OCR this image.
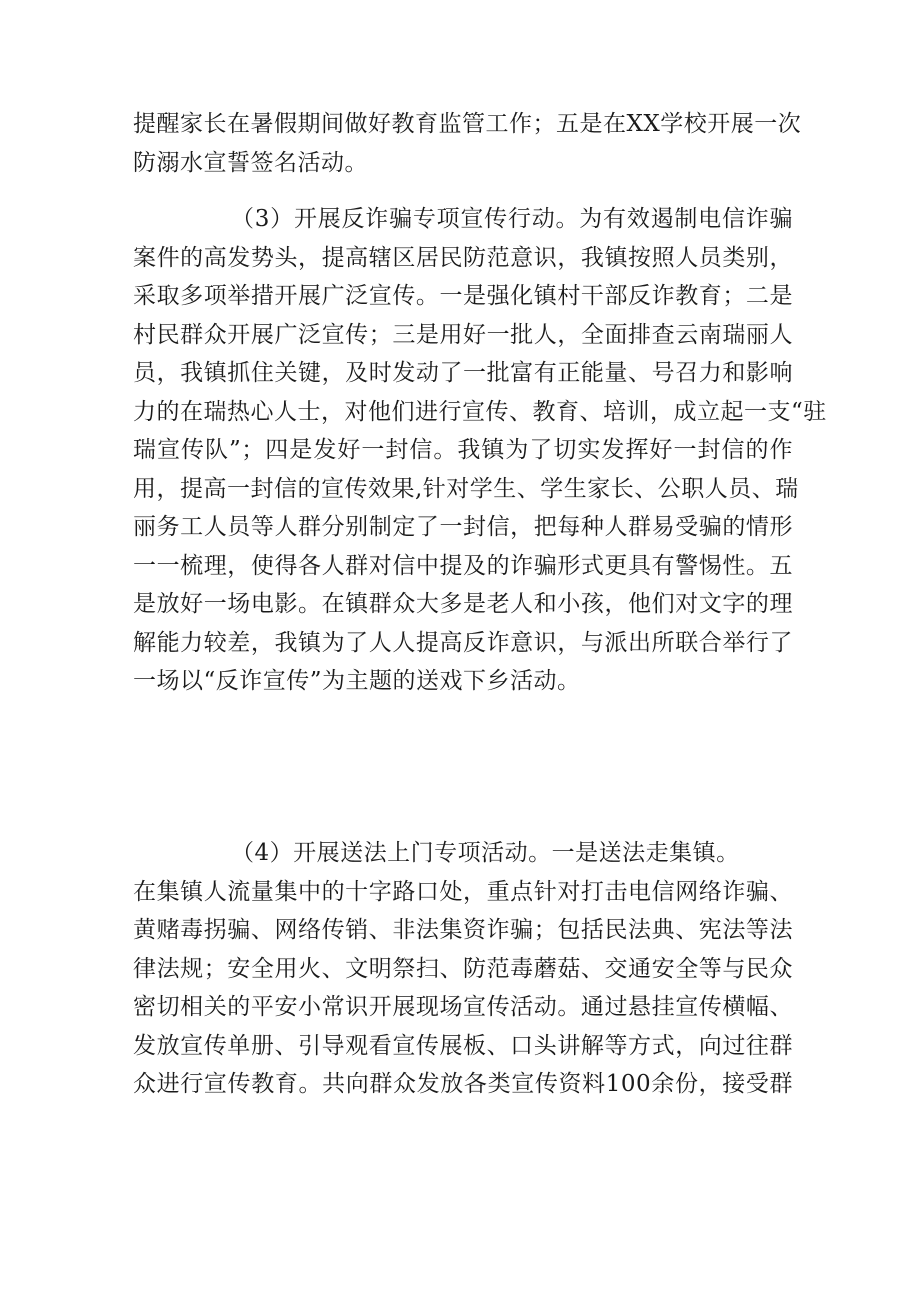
提醒家长在暑假期间做好教育监管工作；五是在XX学校开展一次
防溺水宣誓签名活动。
（3）开展反诈骗专项宣传行动。为有效遏制电信诈骗
案件的高发势头，提高辖区居民防范意识，我镇按照人员类别，
采取多项举措开展广泛宣传。一是强化镇村干部反诈教育；二是
村民群众开展广泛宣传；三是用好一批人，全面排查云南瑞丽人
员，我镇抓住关键，及时发动了一批富有正能量、号召力和影响
力的在瑞热心人士，对他们进行宣传、教育、培训，成立起一支“驻
瑞宣传队”；四是发好一封信。我镇为了切实发挥好一封信的作
用，提高一封信的宣传效果,针对学生、学生家长、公职人员、瑞
丽务工人员等人群分别制定了一封信，把每种人群易受骗的情形
一一梳理，使得各人群对信中提及的诈骗形式更具有警惕性。五
是放好一场电影。在镇群众大多是老人和小孩，他们对文字的理
解能力较差，我镇为了人人提高反诈意识，与派出所联合举行了
一场以“反诈宣传”为主题的送戏下乡活动。
（4）开展送法上门专项活动。一是送法走集镇。
在集镇人流量集中的十字路口处，重点针对打击电信网络诈骗、
黄赌毒拐骗、网络传销、非法集资诈骗；包括民法典、宪法等法
律法规；安全用火、文明祭扫、防范毒蘑菇、交通安全等与民众
密切相关的平安小常识开展现场宣传活动。通过悬挂宣传横幅、
发放宣传单册、引导观看宣传展板、口头讲解等方式，向过往群
众进行宣传教育。共向群众发放各类宣传资料100余份，接受群
